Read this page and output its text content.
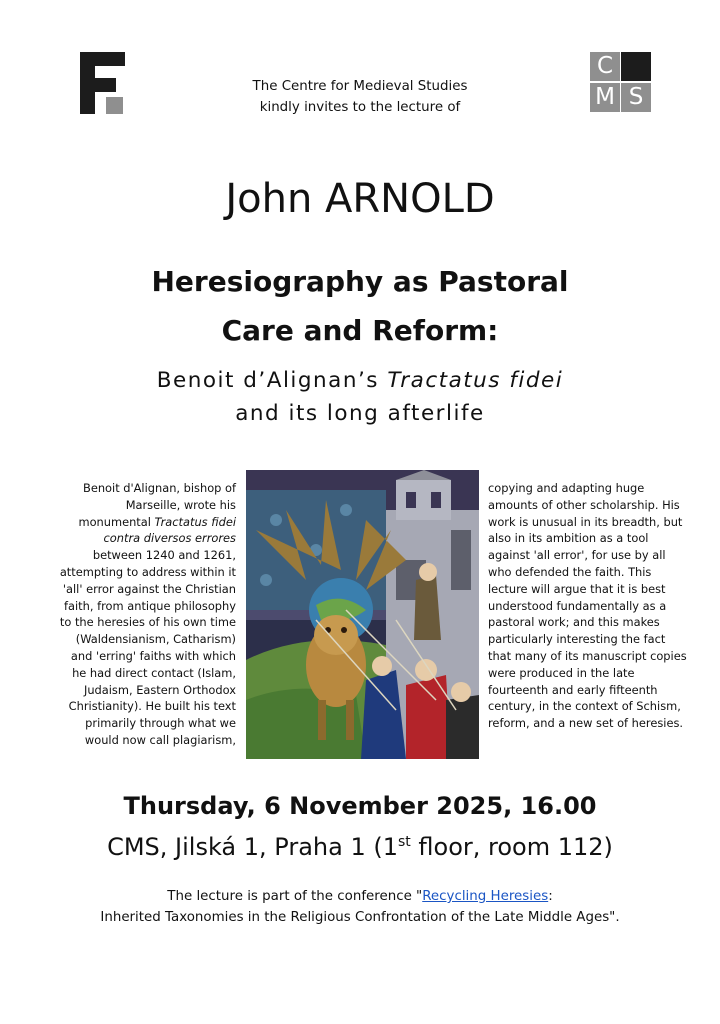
C
M S
The Centre for Medieval Studies
kindly invites to the lecture of
John ARNOLD
Heresiography as Pastoral
Care and Reform:
Benoit d’Alignan’s Tractatus fidei
and its long afterlife
Benoit d'Alignan, bishop of Marseille, wrote his monumental Tractatus fidei contra diversos errores between 1240 and 1261, attempting to address within it 'all' error against the Christian faith, from antique philosophy to the heresies of his own time (Waldensianism, Catharism) and 'erring' faiths with which he had direct contact (Islam, Judaism, Eastern Orthodox Christianity). He built his text primarily through what we would now call plagiarism,
copying and adapting huge amounts of other scholarship. His work is unusual in its breadth, but also in its ambition as a tool against 'all error', for use by all who defended the faith. This lecture will argue that it is best understood fundamentally as a pastoral work; and this makes particularly interesting the fact that many of its manuscript copies were produced in the late fourteenth and early fifteenth century, in the context of Schism, reform, and a new set of heresies.
Thursday, 6 November 2025, 16.00
CMS, Jilská 1, Praha 1 (1st floor, room 112)
The lecture is part of the conference "Recycling Heresies:
Inherited Taxonomies in the Religious Confrontation of the Late Middle Ages".
